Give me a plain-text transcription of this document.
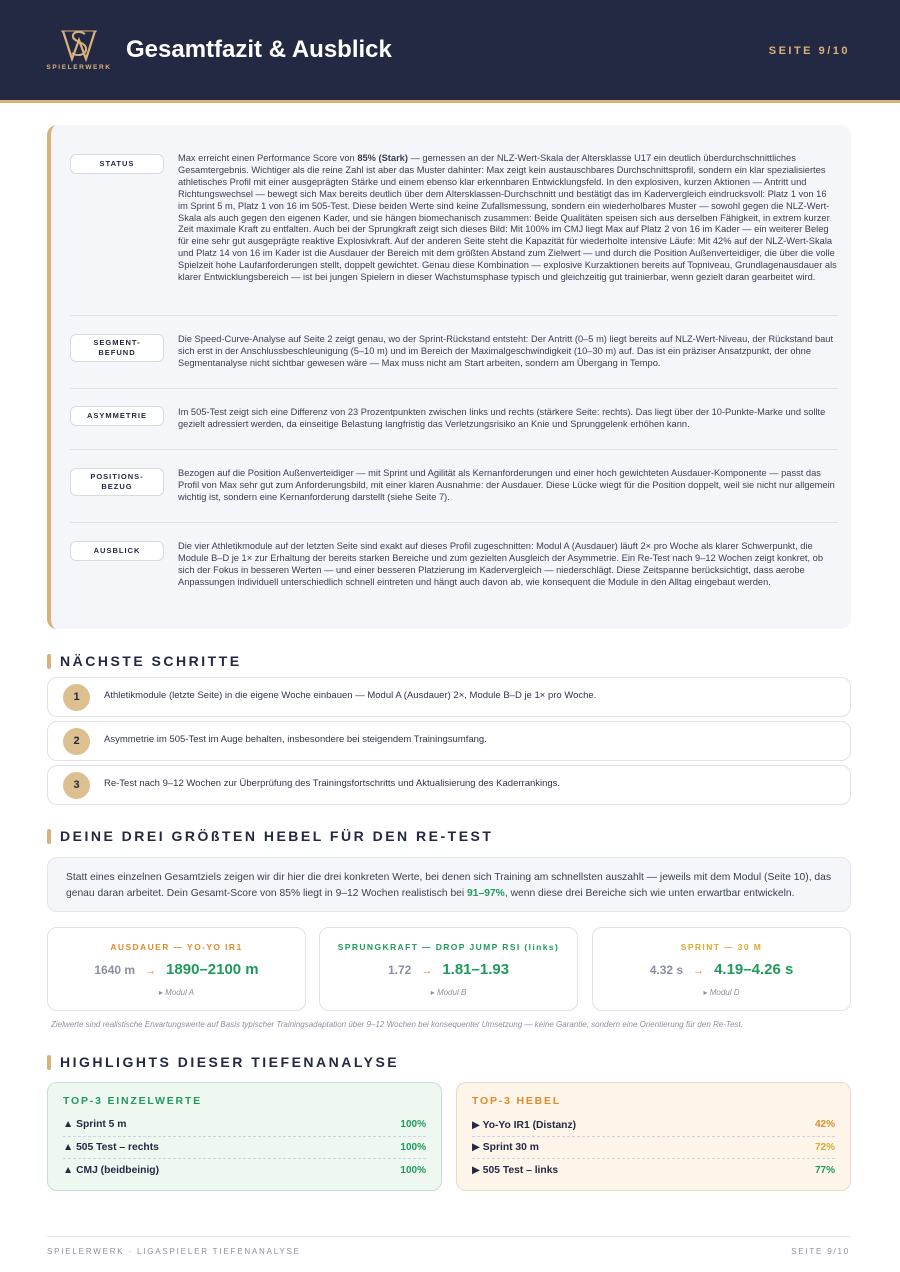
SPIELERWERK
Gesamtfazit & Ausblick	SEITE 9/10
STATUS
Max erreicht einen Performance Score von 85% (Stark) — gemessen an der NLZ-Wert-Skala der Altersklasse U17 ein deutlich überdurchschnittliches Gesamtergebnis. Wichtiger als die reine Zahl ist aber das Muster dahinter: Max zeigt kein austauschbares Durchschnittsprofil, sondern ein klar spezialisiertes athletisches Profil mit einer ausgeprägten Stärke und einem ebenso klar erkennbaren Entwicklungsfeld. In den explosiven, kurzen Aktionen — Antritt und Richtungswechsel — bewegt sich Max bereits deutlich über dem Altersklassen-Durchschnitt und bestätigt das im Kadervergleich eindrucksvoll: Platz 1 von 16 im Sprint 5 m, Platz 1 von 16 im 505-Test. Diese beiden Werte sind keine Zufallsmessung, sondern ein wiederholbares Muster — sowohl gegen die NLZ-Wert-Skala als auch gegen den eigenen Kader, und sie hängen biomechanisch zusammen: Beide Qualitäten speisen sich aus derselben Fähigkeit, in extrem kurzer Zeit maximale Kraft zu entfalten. Auch bei der Sprungkraft zeigt sich dieses Bild: Mit 100% im CMJ liegt Max auf Platz 2 von 16 im Kader — ein weiterer Beleg für eine sehr gut ausgeprägte reaktive Explosivkraft. Auf der anderen Seite steht die Kapazität für wiederholte intensive Läufe: Mit 42% auf der NLZ-Wert-Skala und Platz 14 von 16 im Kader ist die Ausdauer der Bereich mit dem größten Abstand zum Zielwert — und durch die Position Außenverteidiger, die über die volle Spielzeit hohe Laufanforderungen stellt, doppelt gewichtet. Genau diese Kombination — explosive Kurzaktionen bereits auf Topniveau, Grundlagenausdauer als klarer Entwicklungsbereich — ist bei jungen Spielern in dieser Wachstumsphase typisch und gleichzeitig gut trainierbar, wenn gezielt daran gearbeitet wird.
SEGMENT-BEFUND
Die Speed-Curve-Analyse auf Seite 2 zeigt genau, wo der Sprint-Rückstand entsteht: Der Antritt (0–5 m) liegt bereits auf NLZ-Wert-Niveau, der Rückstand baut sich erst in der Anschlussbeschleunigung (5–10 m) und im Bereich der Maximalgeschwindigkeit (10–30 m) auf. Das ist ein präziser Ansatzpunkt, der ohne Segmentanalyse nicht sichtbar gewesen wäre — Max muss nicht am Start arbeiten, sondern am Übergang in Tempo.
ASYMMETRIE	Im 505-Test zeigt sich eine Differenz von 23 Prozentpunkten zwischen links und rechts (stärkere Seite: rechts). Das liegt über der 10-Punkte-Marke und sollte gezielt adressiert werden, da einseitige Belastung langfristig das Verletzungsrisiko an Knie und Sprunggelenk erhöhen kann.
POSITIONS-BEZUG
Bezogen auf die Position Außenverteidiger — mit Sprint und Agilität als Kernanforderungen und einer hoch gewichteten Ausdauer-Komponente — passt das Profil von Max sehr gut zum Anforderungsbild, mit einer klaren Ausnahme: der Ausdauer. Diese Lücke wiegt für die Position doppelt, weil sie nicht nur allgemein wichtig ist, sondern eine Kernanforderung darstellt (siehe Seite 7).
AUSBLICK	Die vier Athletikmodule auf der letzten Seite sind exakt auf dieses Profil zugeschnitten: Modul A (Ausdauer) läuft 2× pro Woche als klarer Schwerpunkt, die Module B–D je 1× zur Erhaltung der bereits starken Bereiche und zum gezielten Ausgleich der Asymmetrie. Ein Re-Test nach 9–12 Wochen zeigt konkret, ob sich der Fokus in besseren Werten — und einer besseren Platzierung im Kadervergleich — niederschlägt. Diese Zeitspanne berücksichtigt, dass aerobe Anpassungen individuell unterschiedlich schnell eintreten und hängt auch davon ab, wie konsequent die Module in den Alltag eingebaut werden.
NÄCHSTE SCHRITTE
1	Athletikmodule (letzte Seite) in die eigene Woche einbauen — Modul A (Ausdauer) 2×, Module B–D je 1× pro Woche.
2	Asymmetrie im 505-Test im Auge behalten, insbesondere bei steigendem Trainingsumfang.
3	Re-Test nach 9–12 Wochen zur Überprüfung des Trainingsfortschritts und Aktualisierung des Kaderrankings.
DEINE DREI GRÖßTEN HEBEL FÜR DEN RE-TEST
Statt eines einzelnen Gesamtziels zeigen wir dir hier die drei konkreten Werte, bei denen sich Training am schnellsten auszahlt — jeweils mit dem Modul (Seite 10), das genau daran arbeitet. Dein Gesamt-Score von 85% liegt in 9–12 Wochen realistisch bei 91–97%, wenn diese drei Bereiche sich wie unten erwartbar entwickeln.
AUSDAUER — YO-YO IR1
1640 m → 1890–2100 m
▸ Modul A
SPRUNGKRAFT — DROP JUMP RSI (links)
1.72 → 1.81–1.93
▸ Modul B
SPRINT — 30 M
4.32 s → 4.19–4.26 s
▸ Modul D
Zielwerte sind realistische Erwartungswerte auf Basis typischer Trainingsadaptation über 9–12 Wochen bei konsequenter Umsetzung — keine Garantie, sondern eine Orientierung für den Re-Test.
HIGHLIGHTS DIESER TIEFENANALYSE
TOP-3 EINZELWERTE
▲ Sprint 5 m	100%
▲ 505 Test – rechts	100%
▲ CMJ (beidbeinig)	100%
TOP-3 HEBEL
▶ Yo-Yo IR1 (Distanz)	42%
▶ Sprint 30 m	72%
▶ 505 Test – links	77%
SPIELERWERK · LIGASPIELER TIEFENANALYSE	SEITE 9/10
